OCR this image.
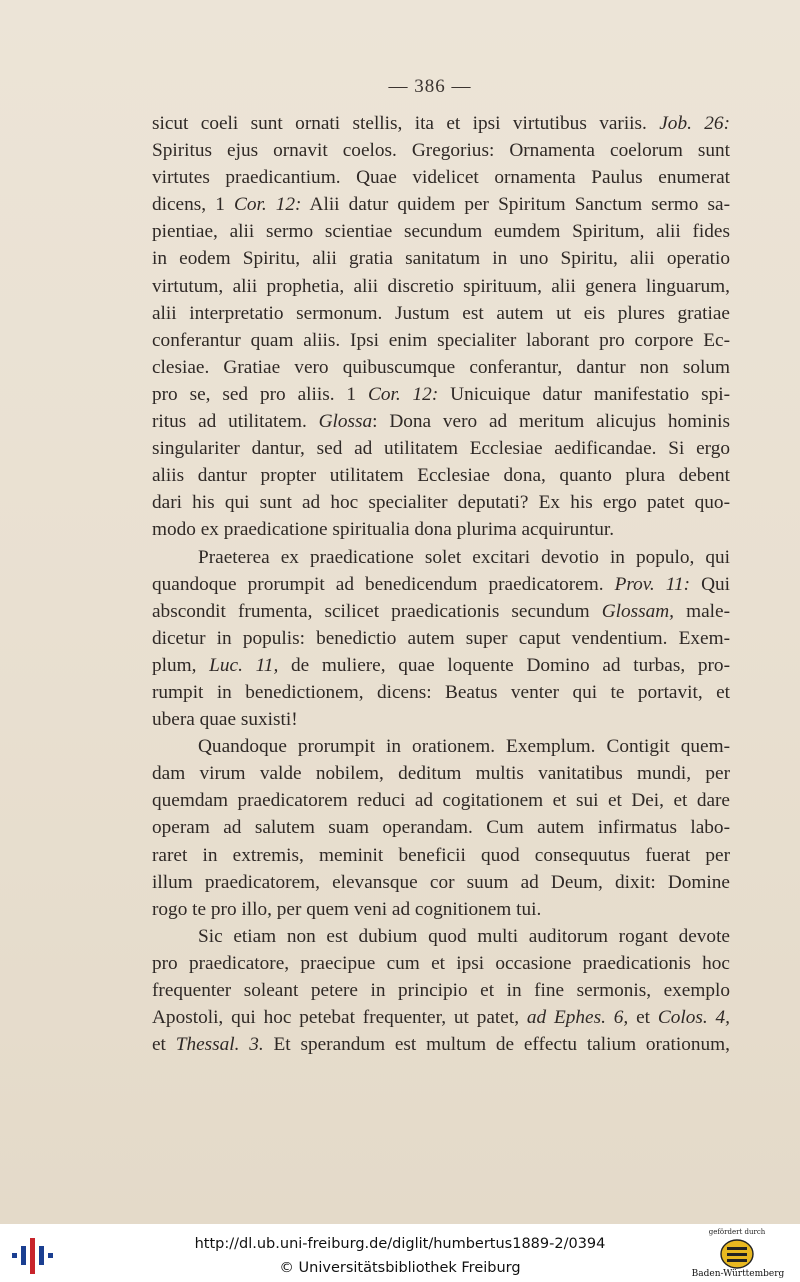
— 386 —
sicut coeli sunt ornati stellis, ita et ipsi virtutibus variis. Job. 26:
Spiritus ejus ornavit coelos. Gregorius: Ornamenta coelorum sunt
virtutes praedicantium. Quae videlicet ornamenta Paulus enumerat
dicens, 1 Cor. 12: Alii datur quidem per Spiritum Sanctum sermo sa-
pientiae, alii sermo scientiae secundum eumdem Spiritum, alii fides
in eodem Spiritu, alii gratia sanitatum in uno Spiritu, alii operatio
virtutum, alii prophetia, alii discretio spirituum, alii genera linguarum,
alii interpretatio sermonum. Justum est autem ut eis plures gratiae
conferantur quam aliis. Ipsi enim specialiter laborant pro corpore Ec-
clesiae. Gratiae vero quibuscumque conferantur, dantur non solum
pro se, sed pro aliis. 1 Cor. 12: Unicuique datur manifestatio spi-
ritus ad utilitatem. Glossa: Dona vero ad meritum alicujus hominis
singulariter dantur, sed ad utilitatem Ecclesiae aedificandae. Si ergo
aliis dantur propter utilitatem Ecclesiae dona, quanto plura debent
dari his qui sunt ad hoc specialiter deputati? Ex his ergo patet quo-
modo ex praedicatione spiritualia dona plurima acquiruntur.
Praeterea ex praedicatione solet excitari devotio in populo, qui
quandoque prorumpit ad benedicendum praedicatorem. Prov. 11: Qui
abscondit frumenta, scilicet praedicationis secundum Glossam, male-
dicetur in populis: benedictio autem super caput vendentium. Exem-
plum, Luc. 11, de muliere, quae loquente Domino ad turbas, pro-
rumpit in benedictionem, dicens: Beatus venter qui te portavit, et
ubera quae suxisti!
Quandoque prorumpit in orationem. Exemplum. Contigit quem-
dam virum valde nobilem, deditum multis vanitatibus mundi, per
quemdam praedicatorem reduci ad cogitationem et sui et Dei, et dare
operam ad salutem suam operandam. Cum autem infirmatus labo-
raret in extremis, meminit beneficii quod consequutus fuerat per
illum praedicatorem, elevansque cor suum ad Deum, dixit: Domine
rogo te pro illo, per quem veni ad cognitionem tui.
Sic etiam non est dubium quod multi auditorum rogant devote
pro praedicatore, praecipue cum et ipsi occasione praedicationis hoc
frequenter soleant petere in principio et in fine sermonis, exemplo
Apostoli, qui hoc petebat frequenter, ut patet, ad Ephes. 6, et Colos. 4,
et Thessal. 3. Et sperandum est multum de effectu talium orationum,
http://dl.ub.uni-freiburg.de/diglit/humbertus1889-2/0394
© Universitätsbibliothek Freiburg
gefördert durch
Baden-Württemberg
